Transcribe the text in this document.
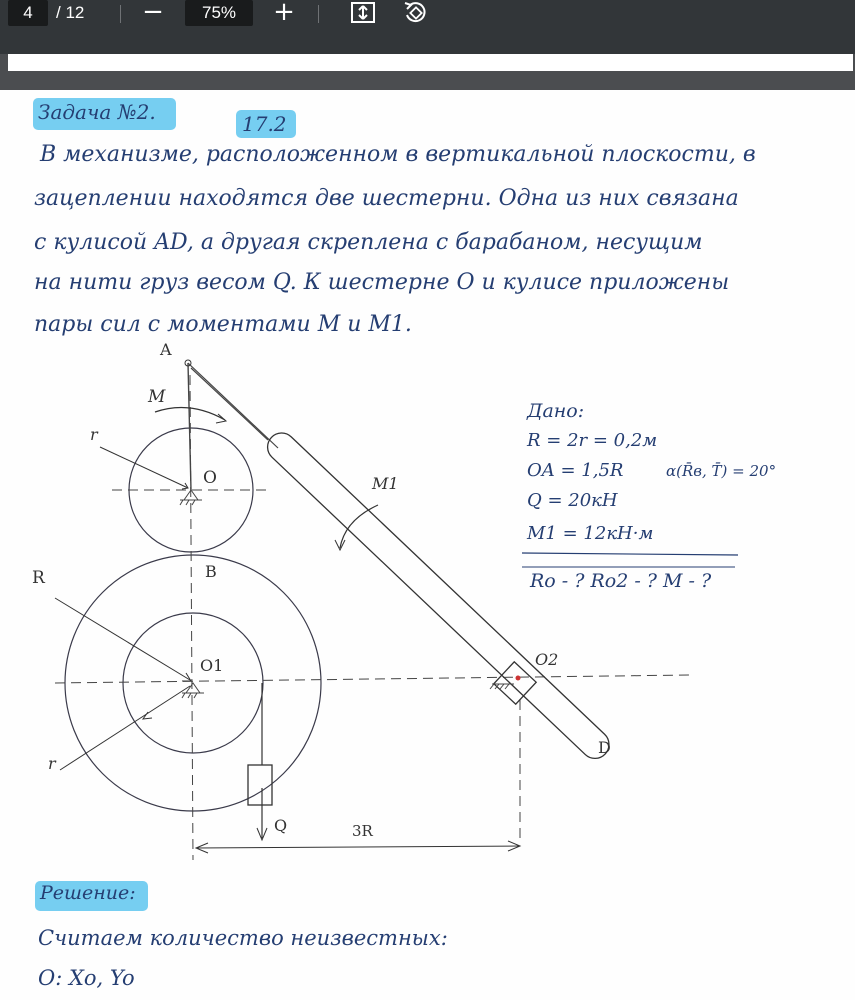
4	/ 12 −	75%	+
Задача №2.	17.2
В механизме, расположенном в вертикальной плоскости, в
зацеплении находятся две шестерни. Одна из них связана
с кулисой AD, а другая скреплена с барабаном, несущим
на нити груз весом Q. К шестерне O и кулисе приложены
пары сил с моментами M и M1.
A
M
r
O	M1
B
R
O1	O2
D
r
Q	3R
Дано:
R = 2r = 0,2м
OA = 1,5R	α(R̄в, T̄) = 20°
Q = 20кН
M1 = 12кН·м
Ro - ? Ro2 - ? M - ?
Решение:
Считаем количество неизвестных:
O: Xo, Yo
